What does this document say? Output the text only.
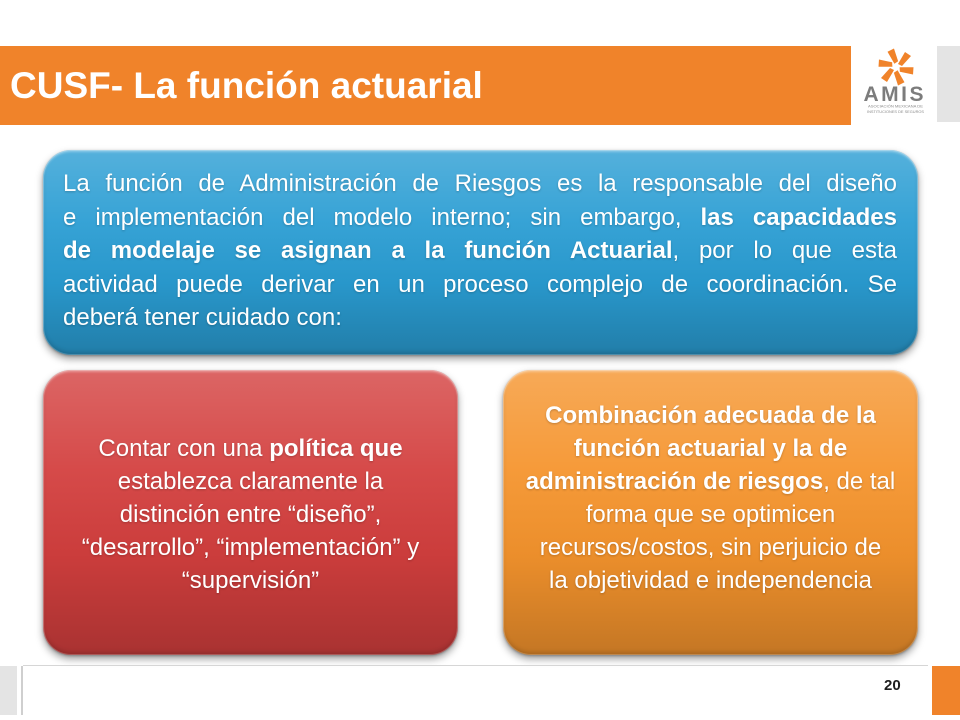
CUSF- La función actuarial	AMIS
ASOCIACIÓN MEXICANA DE
INSTITUCIONES DE SEGUROS
La función de Administración de Riesgos es la responsable del diseño
e implementación del modelo interno; sin embargo, las capacidades
de modelaje se asignan a la función Actuarial, por lo que esta
actividad puede derivar en un proceso complejo de coordinación. Se
deberá tener cuidado con:
Contar con una política que
establezca claramente la
distinción entre “diseño”,
“desarrollo”, “implementación” y
“supervisión”
Combinación adecuada de la
función actuarial y la de
administración de riesgos, de tal
forma que se optimicen
recursos/costos, sin perjuicio de
la objetividad e independencia
20
